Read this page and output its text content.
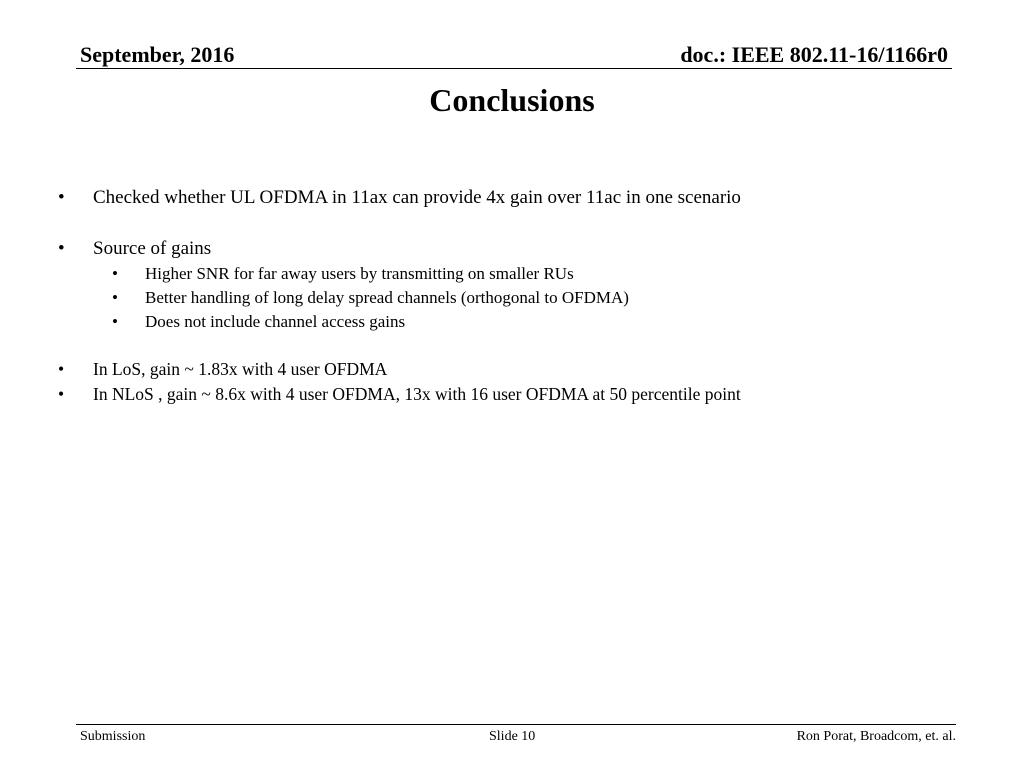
September, 2016	doc.: IEEE 802.11-16/1166r0
Conclusions
• Checked whether UL OFDMA in 11ax can provide 4x gain over 11ac in one scenario
• Source of gains
• Higher SNR for far away users by transmitting on smaller RUs
• Better handling of long delay spread channels (orthogonal to OFDMA)
• Does not include channel access gains
• In LoS, gain ~ 1.83x with 4 user OFDMA
• In NLoS , gain ~ 8.6x with 4 user OFDMA, 13x with 16 user OFDMA at 50 percentile point
Submission	Slide 10	Ron Porat, Broadcom, et. al.
